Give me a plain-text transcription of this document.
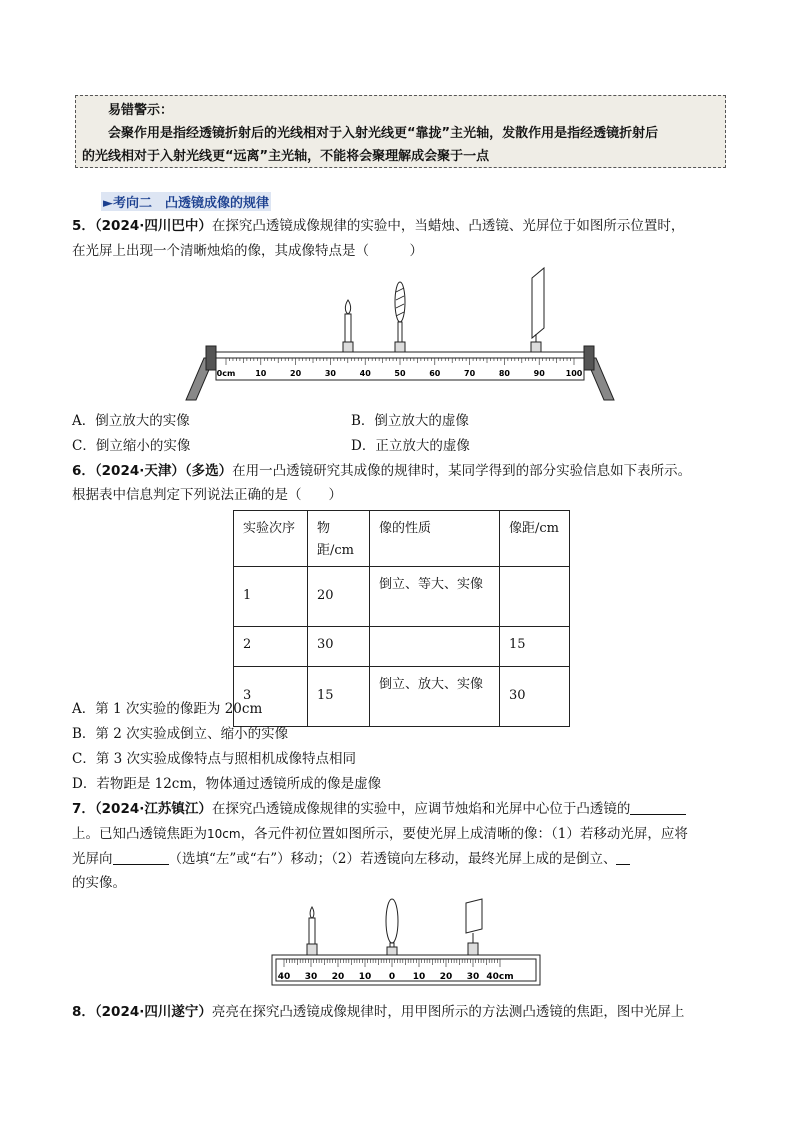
易错警示：
会聚作用是指经透镜折射后的光线相对于入射光线更“靠拢”主光轴，发散作用是指经透镜折射后
的光线相对于入射光线更“远离”主光轴，不能将会聚理解成会聚于一点
►考向二　凸透镜成像的规律
5．（2024·四川巴中）在探究凸透镜成像规律的实验中，当蜡烛、凸透镜、光屏位于如图所示位置时，
在光屏上出现一个清晰烛焰的像，其成像特点是（　　　）
0cm 10	20	30	40	50	60	70	80	90	100
A．倒立放大的实像	B．倒立放大的虚像
C．倒立缩小的实像	D．正立放大的虚像
6．（2024·天津）（多选）在用一凸透镜研究其成像的规律时，某同学得到的部分实验信息如下表所示。
根据表中信息判定下列说法正确的是（　　）
实验次序	物距/cm	像的性质	像距/cm
1	20	倒立、等大、实像	
2	30		15
3	15	倒立、放大、实像	30
A．第 1 次实验的像距为 20cm
B．第 2 次实验成倒立、缩小的实像
C．第 3 次实验成像特点与照相机成像特点相同
D．若物距是 12cm，物体通过透镜所成的像是虚像
7．（2024·江苏镇江）在探究凸透镜成像规律的实验中，应调节烛焰和光屏中心位于凸透镜的
上。已知凸透镜焦距为10cm，各元件初位置如图所示，要使光屏上成清晰的像：（1）若移动光屏，应将
光屏向	（选填“左”或“右”）移动；（2）若透镜向左移动，最终光屏上成的是倒立、
的实像。
40 30 20 10 0 10 20 30 40cm
8．（2024·四川遂宁）亮亮在探究凸透镜成像规律时，用甲图所示的方法测凸透镜的焦距，图中光屏上
